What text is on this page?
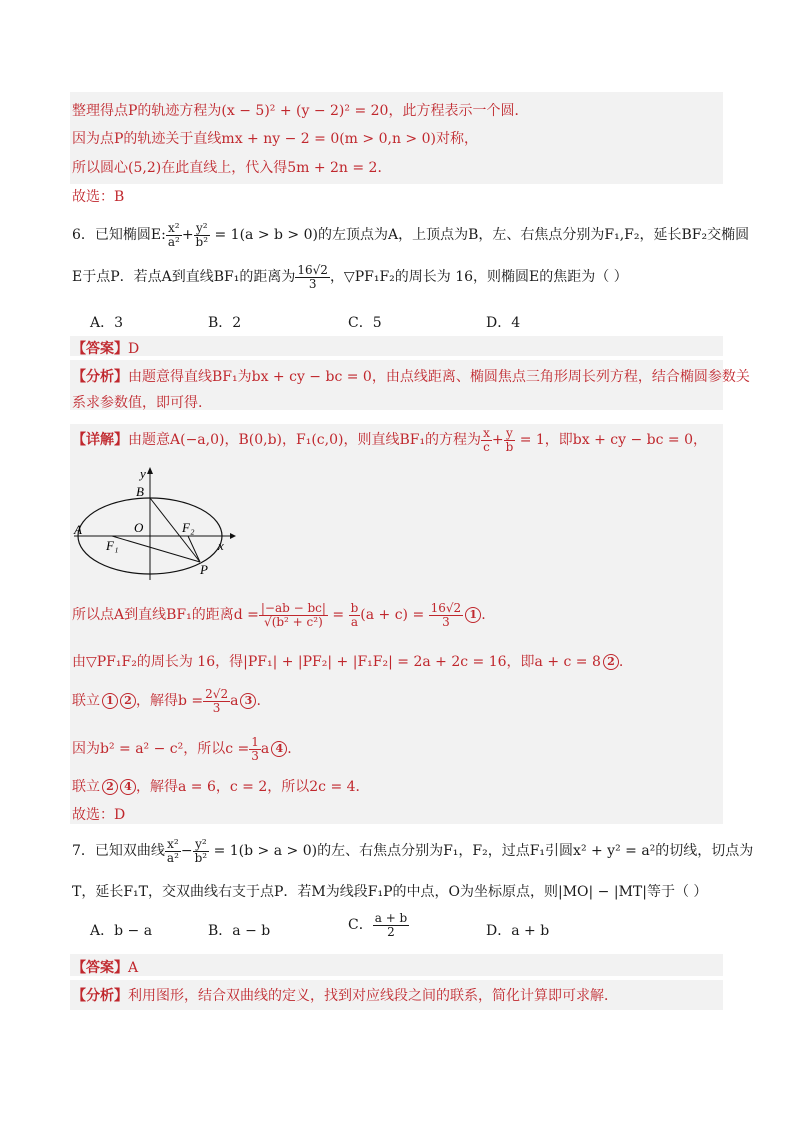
整理得点P的轨迹方程为(x − 5)² + (y − 2)² = 20，此方程表示一个圆．
因为点P的轨迹关于直线mx + ny − 2 = 0(m > 0,n > 0)对称，
所以圆心(5,2)在此直线上，代入得5m + 2n = 2．
故选：B
6．已知椭圆E: $\frac{\text{x²}}{\text{a²}} + \frac{\text{y²}}{\text{b²}} = 1(a > b > 0)$的左顶点为A，上顶点为B，左、右焦点分别为F₁,F₂，延长BF₂交椭圆
E于点P．若点A到直线BF₁的距离为 $\frac{16√2}{3}$ ，▽PF₁F₂的周长为 16，则椭圆E的焦距为（ ）
A．3	B．2	C．5	D．4
【答案】D
【分析】由题意得直线BF₁为bx + cy − bc = 0，由点线距离、椭圆焦点三角形周长列方程，结合椭圆参数关
系求参数值，即可得.
【详解】由题意A(−a,0)，B(0,b)，F₁(c,0)，则直线BF₁的方程为 $\frac{x}{c} + \frac{y}{b} = 1$，即bx + cy − bc = 0，
y
B
O
A	F₂
F₁	x
P
所以点A到直线BF₁的距离$d = \frac{|-ab - bc|}{\text{√(b² + c²)}} = \frac{b}{a} (a + c) = \frac{16√2}{3} 1$ .
由▽PF₁F₂的周长为 16，得|PF₁| + |PF₂| + |F₁F₂| = 2a + 2c = 16，即a + c = 8 2 .
联立 1 2 ，解得$b = \frac{2√2}{3}$ a 3 .
因为b² = a² − c²，所以$c = \frac{1}{3}$ a 4 .
联立 2 4 ，解得a = 6，c = 2，所以2c = 4．
故选：D
7．已知双曲线 $\frac{\text{x²}}{\text{a²}} - \frac{\text{y²}}{\text{b²}} = 1(b > a > 0)$的左、右焦点分别为F₁，F₂，过点F₁引圆x² + y² = a²的切线，切点为
T，延长F₁T，交双曲线右支于点P．若M为线段F₁P的中点，O为坐标原点，则|MO| − |MT|等于（ ）
A．b − a	B．a − b	C． $\frac{a + b}{2}$	D．a + b
【答案】A
【分析】利用图形，结合双曲线的定义，找到对应线段之间的联系，简化计算即可求解．
